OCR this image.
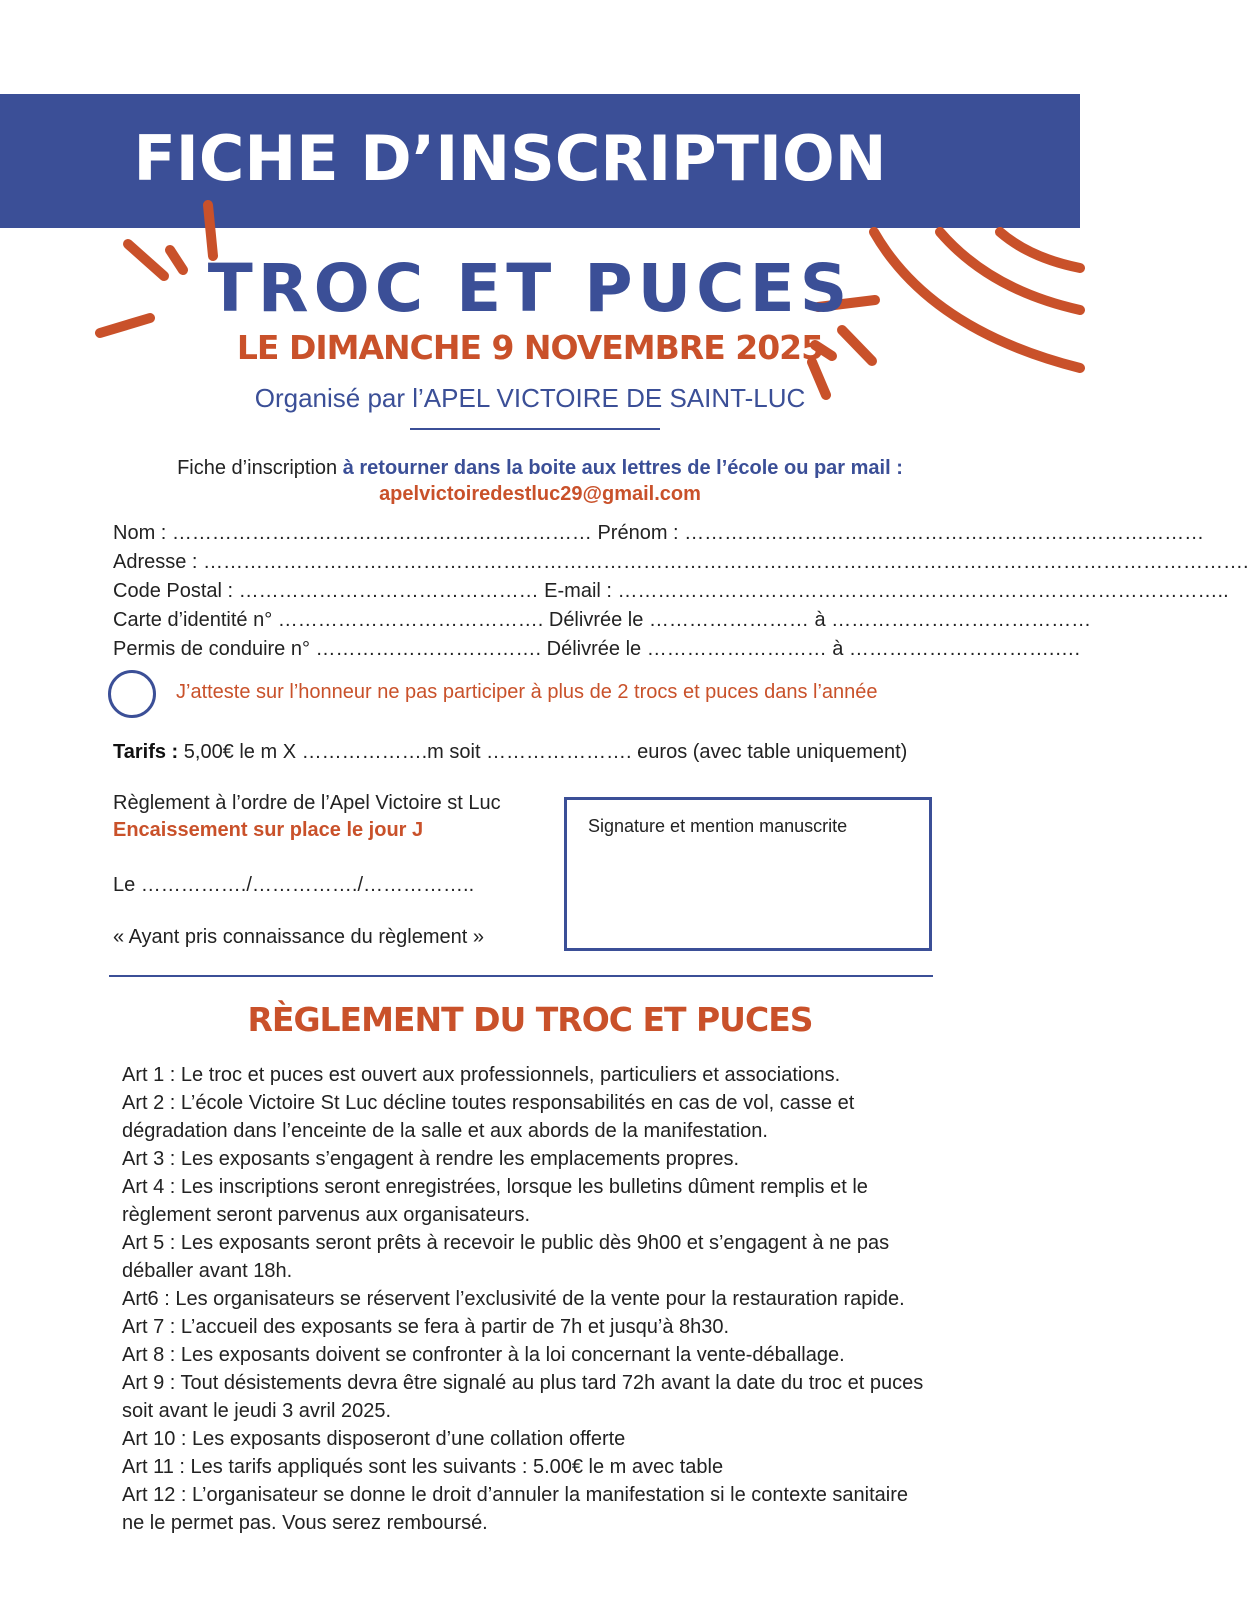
FICHE D’INSCRIPTION
TROC ET PUCES
LE DIMANCHE 9 NOVEMBRE 2025
Organisé par l’APEL VICTOIRE DE SAINT-LUC
Fiche d’inscription à retourner dans la boite aux lettres de l’école ou par mail :
apelvictoiredestluc29@gmail.com
Nom : ……………………………………………………… Prénom : ……………………………………………………………………
Adresse : ………………………………………………………………………………………………………………………………………….
Code Postal : ……………………………………… E-mail : ………………………………………………………………………………..
Carte d’identité n° …………………………………. Délivrée le …………………… à …………………………………
Permis de conduire n° ……………………………. Délivrée le ……………………… à ………………………….….
J’atteste sur l’honneur ne pas participer à plus de 2 trocs et puces dans l’année
Tarifs : 5,00€ le m X ……………….m soit …………………. euros (avec table uniquement)
Règlement à l’ordre de l’Apel Victoire st Luc
Encaissement sur place le jour J
Le ……………./……………./……………..
« Ayant pris connaissance du règlement »
Signature et mention manuscrite
RÈGLEMENT DU TROC ET PUCES

Art 1 : Le troc et puces est ouvert aux professionnels, particuliers et associations.

Art 2 : L’école Victoire St Luc décline toutes responsabilités en cas de vol, casse et dégradation dans l’enceinte de la salle et aux abords de la manifestation.

Art 3 : Les exposants s’engagent à rendre les emplacements propres.

Art 4 : Les inscriptions seront enregistrées, lorsque les bulletins dûment remplis et le règlement seront parvenus aux organisateurs.

Art 5 : Les exposants seront prêts à recevoir le public dès 9h00 et s’engagent à ne pas déballer avant 18h.

Art6 : Les organisateurs se réservent l’exclusivité de la vente pour la restauration rapide.

Art 7 : L’accueil des exposants se fera à partir de 7h et jusqu’à 8h30.

Art 8 : Les exposants doivent se confronter à la loi concernant la vente-déballage.

Art 9 : Tout désistements devra être signalé au plus tard 72h avant la date du troc et puces soit avant le jeudi 3 avril 2025.

Art 10 : Les exposants disposeront d’une collation offerte

Art 11 : Les tarifs appliqués sont les suivants : 5.00€ le m avec table

Art 12 : L’organisateur se donne le droit d’annuler la manifestation si le contexte sanitaire ne le permet pas. Vous serez remboursé.
